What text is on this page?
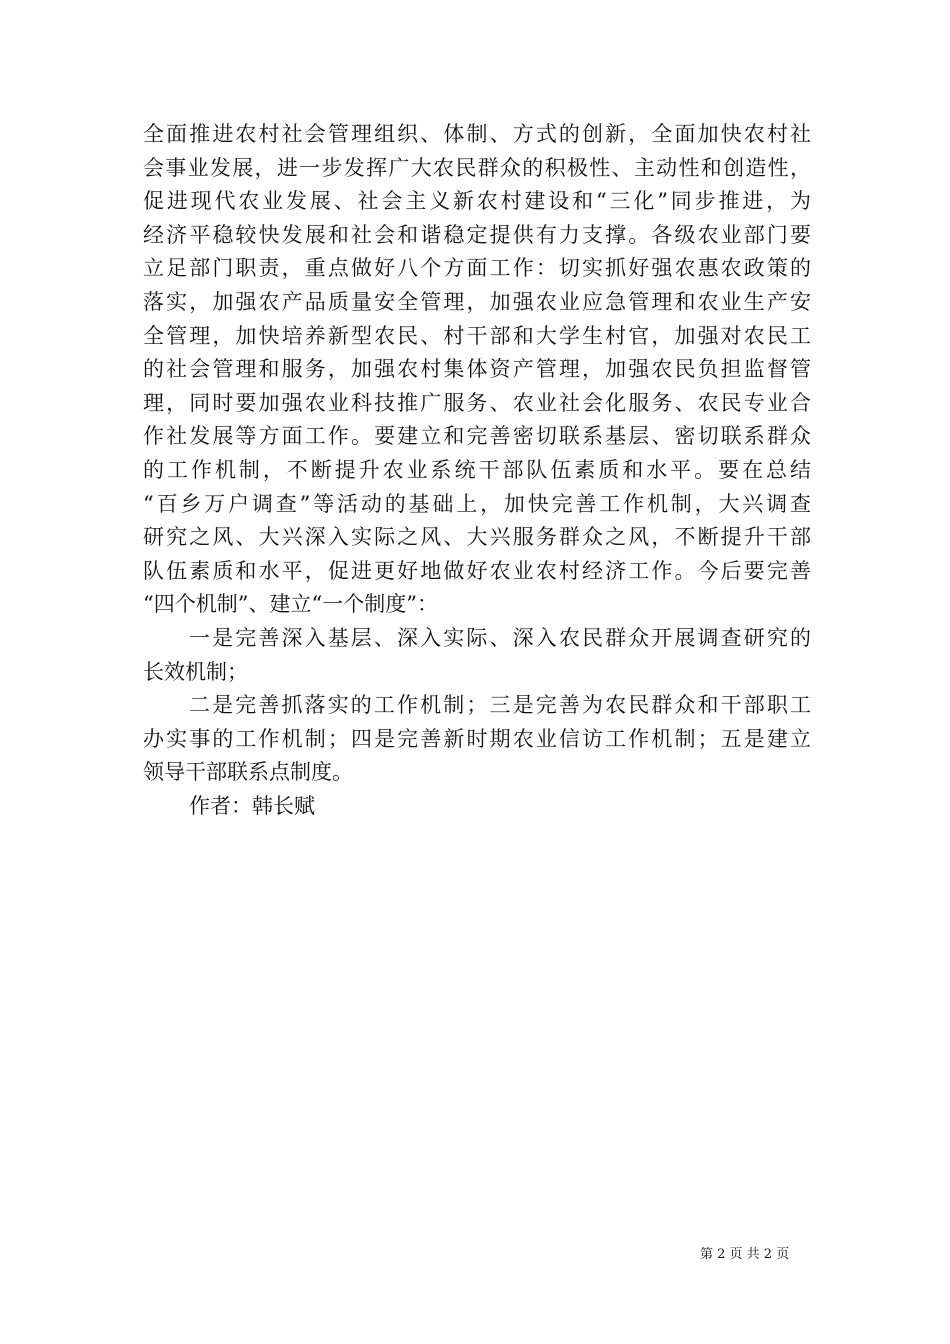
全面推进农村社会管理组织、体制、方式的创新，全面加快农村社
会事业发展，进一步发挥广大农民群众的积极性、主动性和创造性，
促进现代农业发展、社会主义新农村建设和“三化”同步推进，为
经济平稳较快发展和社会和谐稳定提供有力支撑。各级农业部门要
立足部门职责，重点做好八个方面工作：切实抓好强农惠农政策的
落实，加强农产品质量安全管理，加强农业应急管理和农业生产安
全管理，加快培养新型农民、村干部和大学生村官，加强对农民工
的社会管理和服务，加强农村集体资产管理，加强农民负担监督管
理，同时要加强农业科技推广服务、农业社会化服务、农民专业合
作社发展等方面工作。要建立和完善密切联系基层、密切联系群众
的工作机制，不断提升农业系统干部队伍素质和水平。要在总结
“百乡万户调查”等活动的基础上，加快完善工作机制，大兴调查
研究之风、大兴深入实际之风、大兴服务群众之风，不断提升干部
队伍素质和水平，促进更好地做好农业农村经济工作。今后要完善
“四个机制”、建立“一个制度”：
一是完善深入基层、深入实际、深入农民群众开展调查研究的
长效机制；
二是完善抓落实的工作机制；三是完善为农民群众和干部职工
办实事的工作机制；四是完善新时期农业信访工作机制；五是建立
领导干部联系点制度。
作者：韩长赋
第 2 页 共 2 页
